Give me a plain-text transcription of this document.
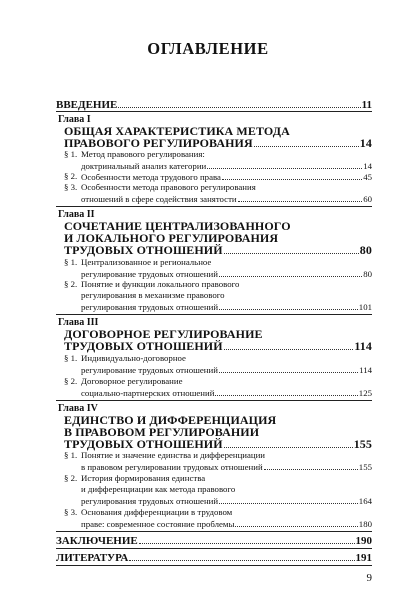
ОГЛАВЛЕНИЕ
ВВЕДЕНИЕ	11
Глава I
ОБЩАЯ ХАРАКТЕРИСТИКА МЕТОДА
ПРАВОВОГО РЕГУЛИРОВАНИЯ	14
§ 1. Метод правового регулирования:
доктринальный анализ категории	14
§ 2. Особенности метода трудового права	45
§ 3. Особенности метода правового регулирования
отношений в сфере содействия занятости	60
Глава II
СОЧЕТАНИЕ ЦЕНТРАЛИЗОВАННОГО
И ЛОКАЛЬНОГО РЕГУЛИРОВАНИЯ
ТРУДОВЫХ ОТНОШЕНИЙ	80
§ 1. Централизованное и региональное
регулирование трудовых отношений	80
§ 2. Понятие и функции локального правового
регулирования в механизме правового
регулирования трудовых отношений	101
Глава III
ДОГОВОРНОЕ РЕГУЛИРОВАНИЕ
ТРУДОВЫХ ОТНОШЕНИЙ	114
§ 1. Индивидуально-договорное
регулирование трудовых отношений	114
§ 2. Договорное регулирование
социально-партнерских отношений	125
Глава IV
ЕДИНСТВО И ДИФФЕРЕНЦИАЦИЯ
В ПРАВОВОМ РЕГУЛИРОВАНИИ
ТРУДОВЫХ ОТНОШЕНИЙ	155
§ 1. Понятие и значение единства и дифференциации
в правовом регулировании трудовых отношений	155
§ 2. История формирования единства
и дифференциации как метода правового
регулирования трудовых отношений	164
§ 3. Основания дифференциации в трудовом
праве: современное состояние проблемы	180
ЗАКЛЮЧЕНИЕ	190
ЛИТЕРАТУРА	191
9
